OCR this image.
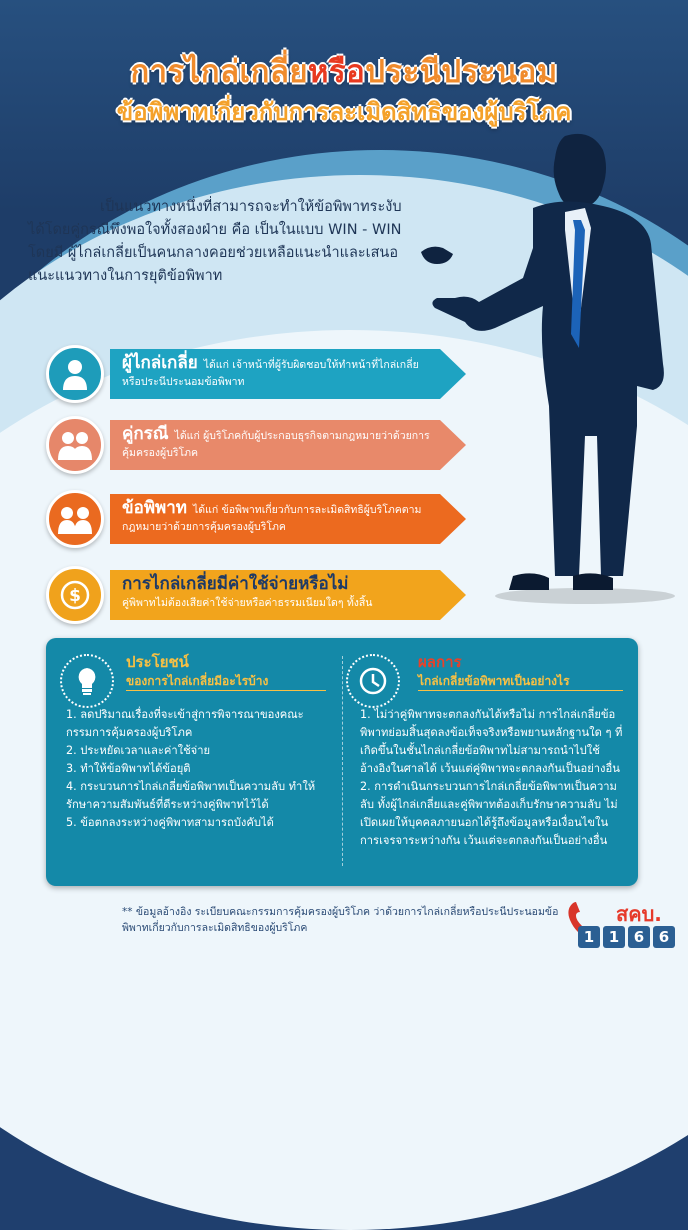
การไกล่เกลี่ยหรือประนีประนอม
ข้อพิพาทเกี่ยวกับการละเมิดสิทธิของผู้บริโภค
เป็นแนวทางหนึ่งที่สามารถจะทำให้ข้อพิพาทระงับได้โดยคู่กรณีพึงพอใจทั้งสองฝ่าย คือ เป็นในแบบ WIN - WIN โดยมี ผู้ไกล่เกลี่ยเป็นคนกลางคอยช่วยเหลือแนะนำและเสนอแนะแนวทางในการยุติข้อพิพาท
ผู้ไกล่เกลี่ย ได้แก่ เจ้าหน้าที่ผู้รับผิดชอบให้ทำหน้าที่ไกล่เกลี่ยหรือประนีประนอมข้อพิพาท
คู่กรณี ได้แก่ ผู้บริโภคกับผู้ประกอบธุรกิจตามกฎหมายว่าด้วยการคุ้มครองผู้บริโภค
ข้อพิพาท ได้แก่ ข้อพิพาทเกี่ยวกับการละเมิดสิทธิผู้บริโภคตามกฎหมายว่าด้วยการคุ้มครองผู้บริโภค
$
การไกล่เกลี่ยมีค่าใช้จ่ายหรือไม่
คู่พิพาทไม่ต้องเสียค่าใช้จ่ายหรือค่าธรรมเนียมใดๆ ทั้งสิ้น
ประโยชน์
ของการไกล่เกลี่ยมีอะไรบ้าง

1. ลดปริมาณเรื่องที่จะเข้าสู่การพิจารณาของคณะกรรมการคุ้มครองผู้บริโภค

2. ประหยัดเวลาและค่าใช้จ่าย

3. ทำให้ข้อพิพาทได้ข้อยุติ

4. กระบวนการไกล่เกลี่ยข้อพิพาทเป็นความลับ ทำให้รักษาความสัมพันธ์ที่ดีระหว่างคู่พิพาทไว้ได้

5. ข้อตกลงระหว่างคู่พิพาทสามารถบังคับได้

ผลการ
ไกล่เกลี่ยข้อพิพาทเป็นอย่างไร

1. ไม่ว่าคู่พิพาทจะตกลงกันได้หรือไม่ การไกล่เกลี่ยข้อพิพาทย่อมสิ้นสุดลงข้อเท็จจริงหรือพยานหลักฐานใด ๆ ที่เกิดขึ้นในชั้นไกล่เกลี่ยข้อพิพาทไม่สามารถนำไปใช้อ้างอิงในศาลได้ เว้นแต่คู่พิพาทจะตกลงกันเป็นอย่างอื่น

2. การดำเนินกระบวนการไกล่เกลี่ยข้อพิพาทเป็นความลับ ทั้งผู้ไกล่เกลี่ยและคู่พิพาทต้องเก็บรักษาความลับ ไม่เปิดเผยให้บุคคลภายนอกได้รู้ถึงข้อมูลหรือเงื่อนไขในการเจรจาระหว่างกัน เว้นแต่จะตกลงกันเป็นอย่างอื่น

** ข้อมูลอ้างอิง ระเบียบคณะกรรมการคุ้มครองผู้บริโภค ว่าด้วยการไกล่เกลี่ยหรือประนีประนอมข้อพิพาทเกี่ยวกับการละเมิดสิทธิของผู้บริโภค
สคบ.
1 1 6 6
